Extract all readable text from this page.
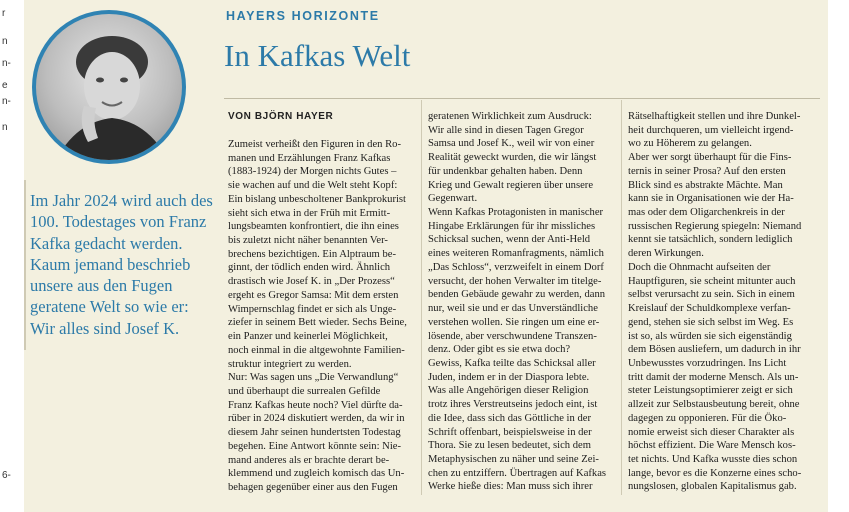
r
n
n-
e
n-
n
6-
Im Jahr 2024 wird auch des 100. Todestages von Franz Kafka gedacht werden. Kaum jemand beschrieb unsere aus den Fugen geratene Welt so wie er: Wir alles sind Josef K.
HAYERS HORIZONTE
In Kafkas Welt
VON BJÖRN HAYER
Zumeist verheißt den Figuren in den Ro-
manen und Erzählungen Franz Kafkas
(1883-1924) der Morgen nichts Gutes –
sie wachen auf und die Welt steht Kopf:
Ein bislang unbescholtener Bankprokurist
sieht sich etwa in der Früh mit Ermitt-
lungsbeamten konfrontiert, die ihn eines
bis zuletzt nicht näher benannten Ver-
brechens bezichtigen. Ein Alptraum be-
ginnt, der tödlich enden wird. Ähnlich
drastisch wie Josef K. in „Der Prozess“
ergeht es Gregor Samsa: Mit dem ersten
Wimpernschlag findet er sich als Unge-
ziefer in seinem Bett wieder. Sechs Beine,
ein Panzer und keinerlei Möglichkeit,
noch einmal in die altgewohnte Familien-
struktur integriert zu werden.
Nur: Was sagen uns „Die Verwandlung“
und überhaupt die surrealen Gefilde
Franz Kafkas heute noch? Viel dürfte da-
rüber in 2024 diskutiert werden, da wir in
diesem Jahr seinen hundertsten Todestag
begehen. Eine Antwort könnte sein: Nie-
mand anderes als er brachte derart be-
klemmend und zugleich komisch das Un-
behagen gegenüber einer aus den Fugen
geratenen Wirklichkeit zum Ausdruck:
Wir alle sind in diesen Tagen Gregor
Samsa und Josef K., weil wir von einer
Realität geweckt wurden, die wir längst
für undenkbar gehalten haben. Denn
Krieg und Gewalt regieren über unsere
Gegenwart.
Wenn Kafkas Protagonisten in manischer
Hingabe Erklärungen für ihr missliches
Schicksal suchen, wenn der Anti-Held
eines weiteren Romanfragments, nämlich
„Das Schloss“, verzweifelt in einem Dorf
versucht, der hohen Verwalter im titelge-
benden Gebäude gewahr zu werden, dann
nur, weil sie und er das Unverständliche
verstehen wollen. Sie ringen um eine er-
lösende, aber verschwundene Transzen-
denz. Oder gibt es sie etwa doch?
Gewiss, Kafka teilte das Schicksal aller
Juden, indem er in der Diaspora lebte.
Was alle Angehörigen dieser Religion
trotz ihres Verstreutseins jedoch eint, ist
die Idee, dass sich das Göttliche in der
Schrift offenbart, beispielsweise in der
Thora. Sie zu lesen bedeutet, sich dem
Metaphysischen zu näher und seine Zei-
chen zu entziffern. Übertragen auf Kafkas
Werke hieße dies: Man muss sich ihrer
Rätselhaftigkeit stellen und ihre Dunkel-
heit durchqueren, um vielleicht irgend-
wo zu Höherem zu gelangen.
Aber wer sorgt überhaupt für die Fins-
ternis in seiner Prosa? Auf den ersten
Blick sind es abstrakte Mächte. Man
kann sie in Organisationen wie der Ha-
mas oder dem Oligarchenkreis in der
russischen Regierung spiegeln: Niemand
kennt sie tatsächlich, sondern lediglich
deren Wirkungen.
Doch die Ohnmacht aufseiten der
Hauptfiguren, sie scheint mitunter auch
selbst verursacht zu sein. Sich in einem
Kreislauf der Schuldkomplexe verfan-
gend, stehen sie sich selbst im Weg. Es
ist so, als würden sie sich eigenständig
dem Bösen ausliefern, um dadurch in ihr
Unbewusstes vorzudringen. Ins Licht
tritt damit der moderne Mensch. Als un-
steter Leistungsoptimierer zeigt er sich
allzeit zur Selbstausbeutung bereit, ohne
dagegen zu opponieren. Für die Öko-
nomie erweist sich dieser Charakter als
höchst effizient. Die Ware Mensch kos-
tet nichts. Und Kafka wusste dies schon
lange, bevor es die Konzerne eines scho-
nungslosen, globalen Kapitalismus gab.
